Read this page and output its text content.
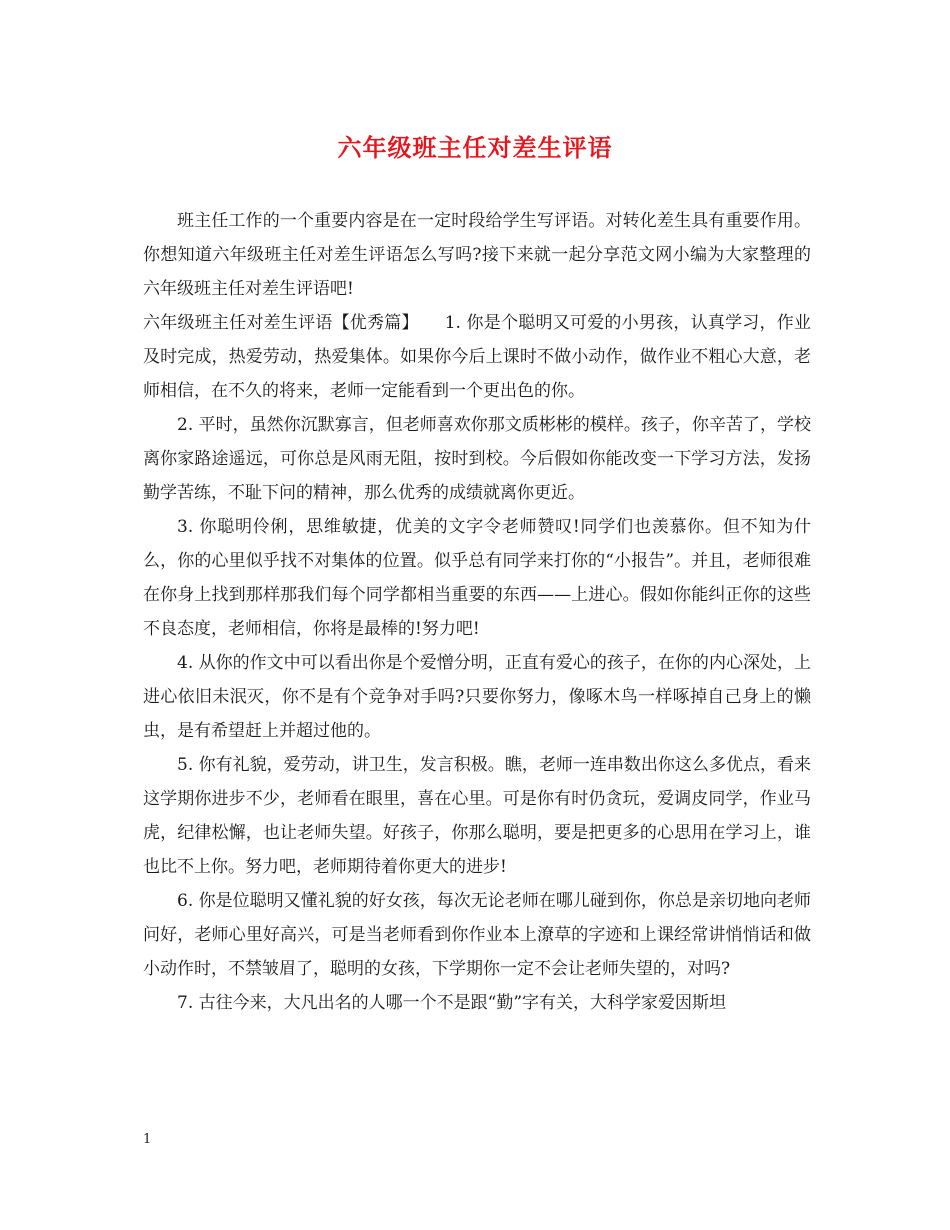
六年级班主任对差生评语

班主任工作的一个重要内容是在一定时段给学生写评语。对转化差生具有重要作用。你想知道六年级班主任对差生评语怎么写吗?接下来就一起分享范文网小编为大家整理的六年级班主任对差生评语吧!

六年级班主任对差生评语【优秀篇】　　1. 你是个聪明又可爱的小男孩，认真学习，作业及时完成，热爱劳动，热爱集体。如果你今后上课时不做小动作，做作业不粗心大意，老师相信，在不久的将来，老师一定能看到一个更出色的你。

2. 平时，虽然你沉默寡言，但老师喜欢你那文质彬彬的模样。孩子，你辛苦了，学校离你家路途遥远，可你总是风雨无阻，按时到校。今后假如你能改变一下学习方法，发扬勤学苦练，不耻下问的精神，那么优秀的成绩就离你更近。

3. 你聪明伶俐，思维敏捷，优美的文字令老师赞叹!同学们也羡慕你。但不知为什么，你的心里似乎找不对集体的位置。似乎总有同学来打你的“小报告”。并且，老师很难在你身上找到那样那我们每个同学都相当重要的东西——上进心。假如你能纠正你的这些不良态度，老师相信，你将是最棒的!努力吧!

4. 从你的作文中可以看出你是个爱憎分明，正直有爱心的孩子，在你的内心深处，上进心依旧未泯灭，你不是有个竞争对手吗?只要你努力，像啄木鸟一样啄掉自己身上的懒虫，是有希望赶上并超过他的。

5. 你有礼貌，爱劳动，讲卫生，发言积极。瞧，老师一连串数出你这么多优点，看来这学期你进步不少，老师看在眼里，喜在心里。可是你有时仍贪玩，爱调皮同学，作业马虎，纪律松懈，也让老师失望。好孩子，你那么聪明，要是把更多的心思用在学习上，谁也比不上你。努力吧，老师期待着你更大的进步!

6. 你是位聪明又懂礼貌的好女孩，每次无论老师在哪儿碰到你，你总是亲切地向老师问好，老师心里好高兴，可是当老师看到你作业本上潦草的字迹和上课经常讲悄悄话和做小动作时，不禁皱眉了，聪明的女孩，下学期你一定不会让老师失望的，对吗?

7. 古往今来，大凡出名的人哪一个不是跟“勤”字有关，大科学家爱因斯坦

1
